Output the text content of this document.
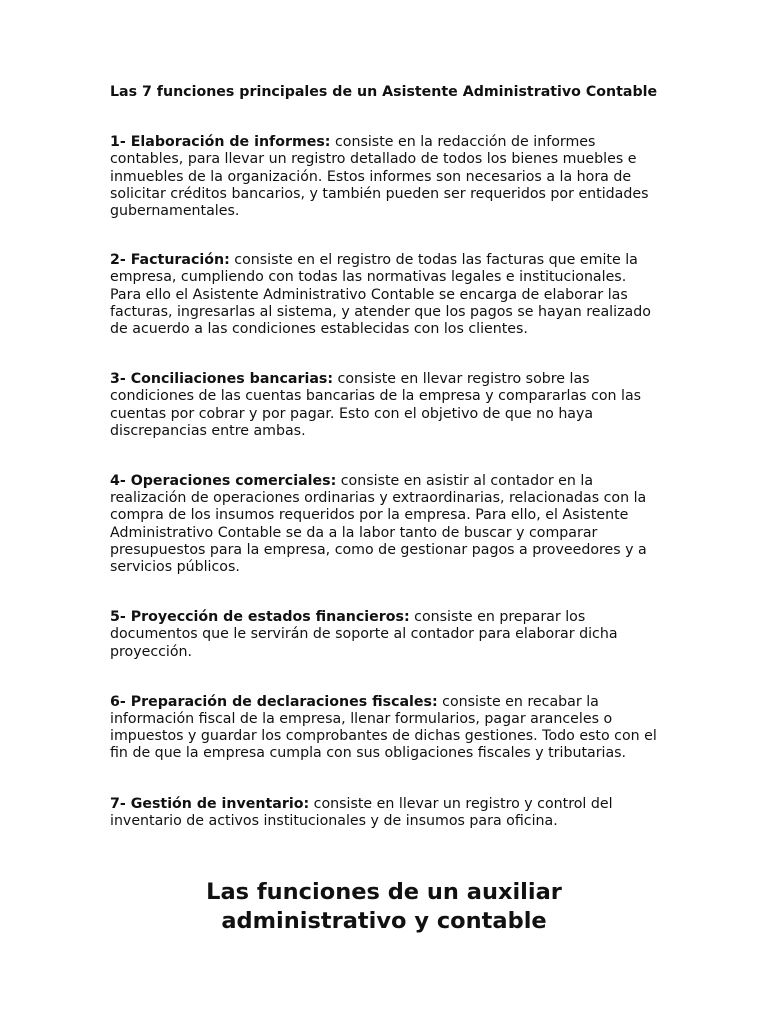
Las 7 funciones principales de un Asistente Administrativo Contable

1- Elaboración de informes: consiste en la redacción de informes contables, para llevar un registro detallado de todos los bienes muebles e inmuebles de la organización. Estos informes son necesarios a la hora de solicitar créditos bancarios, y también pueden ser requeridos por entidades gubernamentales.

2- Facturación: consiste en el registro de todas las facturas que emite la empresa, cumpliendo con todas las normativas legales e institucionales. Para ello el Asistente Administrativo Contable se encarga de elaborar las facturas, ingresarlas al sistema, y atender que los pagos se hayan realizado de acuerdo a las condiciones establecidas con los clientes.

3- Conciliaciones bancarias: consiste en llevar registro sobre las condiciones de las cuentas bancarias de la empresa y compararlas con las cuentas por cobrar y por pagar. Esto con el objetivo de que no haya discrepancias entre ambas.

4- Operaciones comerciales: consiste en asistir al contador en la realización de operaciones ordinarias y extraordinarias, relacionadas con la compra de los insumos requeridos por la empresa. Para ello, el Asistente Administrativo Contable se da a la labor tanto de buscar y comparar presupuestos para la empresa, como de gestionar pagos a proveedores y a servicios públicos.

5- Proyección de estados financieros: consiste en preparar los documentos que le servirán de soporte al contador para elaborar dicha proyección.

6- Preparación de declaraciones fiscales: consiste en recabar la información fiscal de la empresa, llenar formularios, pagar aranceles o impuestos y guardar los comprobantes de dichas gestiones. Todo esto con el fin de que la empresa cumpla con sus obligaciones fiscales y tributarias.

7- Gestión de inventario: consiste en llevar un registro y control del inventario de activos institucionales y de insumos para oficina.

Las funciones de un auxiliar
administrativo y contable
